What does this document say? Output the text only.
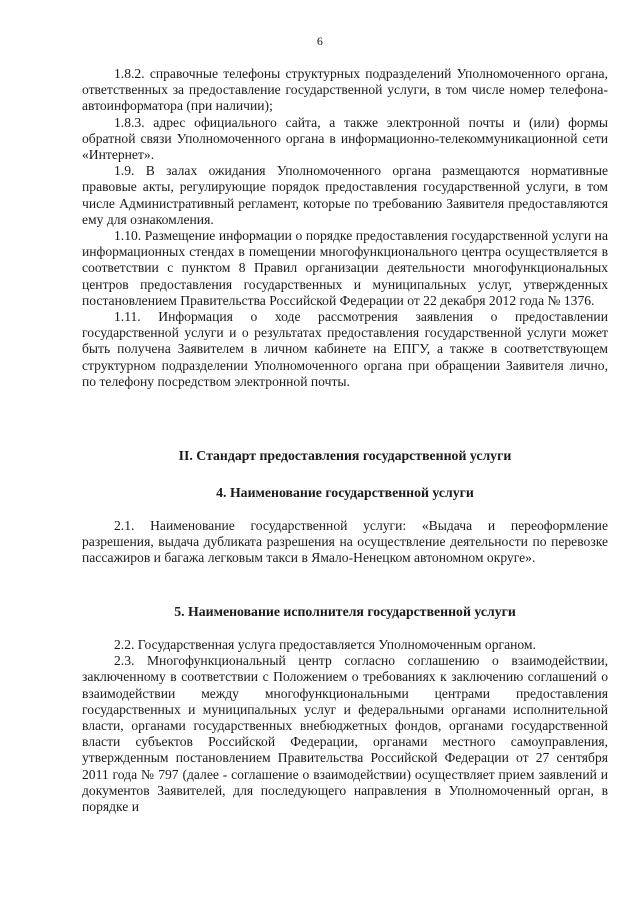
6

1.8.2. справочные телефоны структурных подразделений Уполномоченного органа, ответственных за предоставление государственной услуги, в том числе номер телефона-автоинформатора (при наличии);

1.8.3. адрес официального сайта, а также электронной почты и (или) формы обратной связи Уполномоченного органа в информационно-телекоммуникационной сети «Интернет».

1.9. В залах ожидания Уполномоченного органа размещаются нормативные правовые акты, регулирующие порядок предоставления государственной услуги, в том числе Административный регламент, которые по требованию Заявителя предоставляются ему для ознакомления.

1.10. Размещение информации о порядке предоставления государственной услуги на информационных стендах в помещении многофункционального центра осуществляется в соответствии с пунктом 8 Правил организации деятельности многофункциональных центров предоставления государственных и муниципальных услуг, утвержденных постановлением Правительства Российской Федерации от 22 декабря 2012 года № 1376.

1.11. Информация о ходе рассмотрения заявления о предоставлении государственной услуги и о результатах предоставления государственной услуги может быть получена Заявителем в личном кабинете на ЕПГУ, а также в соответствующем структурном подразделении Уполномоченного органа при обращении Заявителя лично, по телефону посредством электронной почты.

II. Стандарт предоставления государственной услуги
4. Наименование государственной услуги

2.1. Наименование государственной услуги: «Выдача и переоформление разрешения, выдача дубликата разрешения на осуществление деятельности по перевозке пассажиров и багажа легковым такси в Ямало-Ненецком автономном округе».

5. Наименование исполнителя государственной услуги

2.2. Государственная услуга предоставляется Уполномоченным органом.

2.3. Многофункциональный центр согласно соглашению о взаимодействии, заключенному в соответствии с Положением о требованиях к заключению соглашений о взаимодействии между многофункциональными центрами предоставления государственных и муниципальных услуг и федеральными органами исполнительной власти, органами государственных внебюджетных фондов, органами государственной власти субъектов Российской Федерации, органами местного самоуправления, утвержденным постановлением Правительства Российской Федерации от 27 сентября 2011 года № 797 (далее - соглашение о взаимодействии) осуществляет прием заявлений и документов Заявителей, для последующего направления в Уполномоченный орган, в порядке и
